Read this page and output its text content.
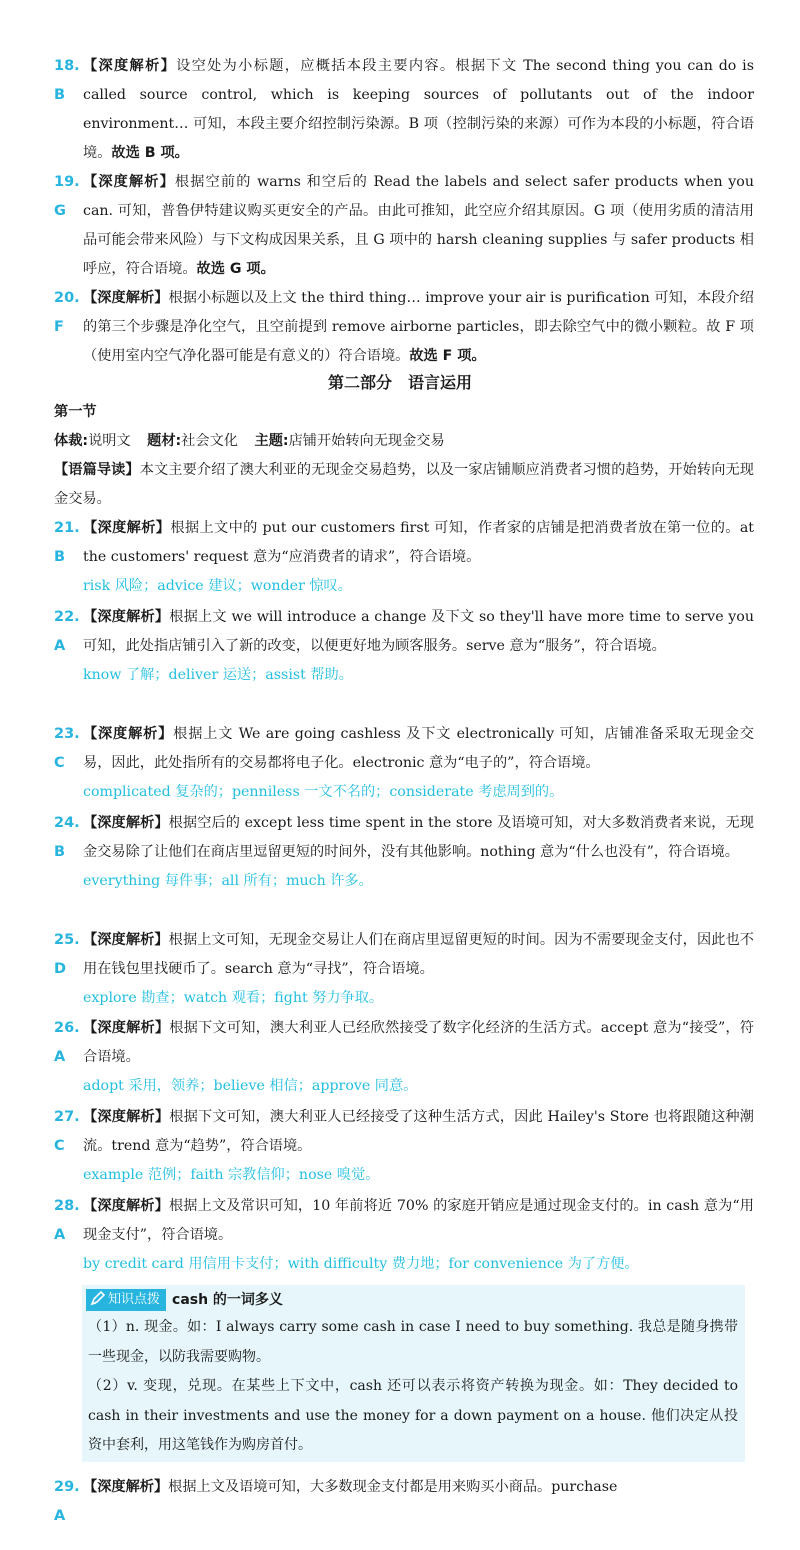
18. B
【深度解析】设空处为小标题，应概括本段主要内容。根据下文 The second thing you can do is called source control, which is keeping sources of pollutants out of the indoor environment… 可知，本段主要介绍控制污染源。B 项（控制污染的来源）可作为本段的小标题，符合语境。故选 B 项。
19. G
【深度解析】根据空前的 warns 和空后的 Read the labels and select safer products when you can. 可知，普鲁伊特建议购买更安全的产品。由此可推知，此空应介绍其原因。G 项（使用劣质的清洁用品可能会带来风险）与下文构成因果关系，且 G 项中的 harsh cleaning supplies 与 safer products 相呼应，符合语境。故选 G 项。
20. F
【深度解析】根据小标题以及上文 the third thing… improve your air is purification 可知，本段介绍的第三个步骤是净化空气，且空前提到 remove airborne particles，即去除空气中的微小颗粒。故 F 项（使用室内空气净化器可能是有意义的）符合语境。故选 F 项。
第二部分　语言运用
第一节
体裁:说明文 题材:社会文化 主题:店铺开始转向无现金交易
【语篇导读】本文主要介绍了澳大利亚的无现金交易趋势，以及一家店铺顺应消费者习惯的趋势，开始转向无现金交易。
21. B
【深度解析】根据上文中的 put our customers first 可知，作者家的店铺是把消费者放在第一位的。at the customers' request 意为“应消费者的请求”，符合语境。
risk 风险；advice 建议；wonder 惊叹。
22. A
【深度解析】根据上文 we will introduce a change 及下文 so they'll have more time to serve you 可知，此处指店铺引入了新的改变，以便更好地为顾客服务。serve 意为“服务”，符合语境。
know 了解；deliver 运送；assist 帮助。
23. C
【深度解析】根据上文 We are going cashless 及下文 electronically 可知，店铺准备采取无现金交易，因此，此处指所有的交易都将电子化。electronic 意为“电子的”，符合语境。
complicated 复杂的；penniless 一文不名的；considerate 考虑周到的。
24. B
【深度解析】根据空后的 except less time spent in the store 及语境可知，对大多数消费者来说，无现金交易除了让他们在商店里逗留更短的时间外，没有其他影响。nothing 意为“什么也没有”，符合语境。
everything 每件事；all 所有；much 许多。
25. D
【深度解析】根据上文可知，无现金交易让人们在商店里逗留更短的时间。因为不需要现金支付，因此也不用在钱包里找硬币了。search 意为“寻找”，符合语境。
explore 勘查；watch 观看；fight 努力争取。
26. A
【深度解析】根据下文可知，澳大利亚人已经欣然接受了数字化经济的生活方式。accept 意为“接受”，符合语境。
adopt 采用，领养；believe 相信；approve 同意。
27. C
【深度解析】根据下文可知，澳大利亚人已经接受了这种生活方式，因此 Hailey's Store 也将跟随这种潮流。trend 意为“趋势”，符合语境。
example 范例；faith 宗教信仰；nose 嗅觉。
28. A
【深度解析】根据上文及常识可知，10 年前将近 70% 的家庭开销应是通过现金支付的。in cash 意为“用现金支付”，符合语境。
by credit card 用信用卡支付；with difficulty 费力地；for convenience 为了方便。
知识点拨 cash 的一词多义
（1）n. 现金。如：I always carry some cash in case I need to buy something. 我总是随身携带一些现金，以防我需要购物。
（2）v. 变现，兑现。在某些上下文中，cash 还可以表示将资产转换为现金。如：They decided to cash in their investments and use the money for a down payment on a house. 他们决定从投资中套利，用这笔钱作为购房首付。
29. A
【深度解析】根据上文及语境可知，大多数现金支付都是用来购买小商品。purchase
